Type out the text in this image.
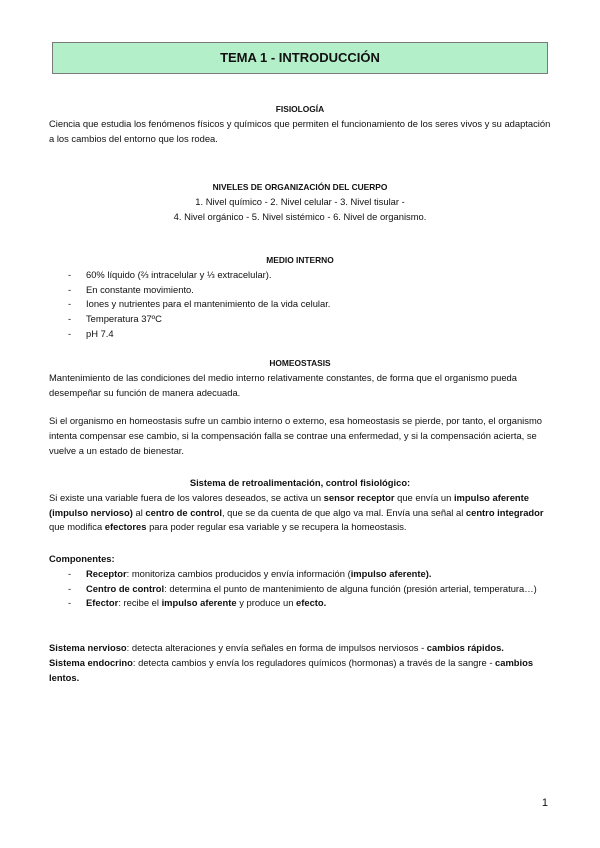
TEMA 1 - INTRODUCCIÓN
FISIOLOGÍA

Ciencia que estudia los fenómenos físicos y químicos que permiten el funcionamiento de los seres vivos y su adaptación a los cambios del entorno que los rodea.

NIVELES DE ORGANIZACIÓN DEL CUERPO
1. Nivel químico - 2. Nivel celular - 3. Nivel tisular -
4. Nivel orgánico - 5. Nivel sistémico - 6. Nivel de organismo.
MEDIO INTERNO
- 60% líquido (⅔ intracelular y ⅓ extracelular).
- En constante movimiento.
- Iones y nutrientes para el mantenimiento de la vida celular.
- Temperatura 37ºC
- pH 7.4
HOMEOSTASIS

Mantenimiento de las condiciones del medio interno relativamente constantes, de forma que el organismo pueda desempeñar su función de manera adecuada.

Si el organismo en homeostasis sufre un cambio interno o externo, esa homeostasis se pierde, por tanto, el organismo intenta compensar ese cambio, si la compensación falla se contrae una enfermedad, y si la compensación acierta, se vuelve a un estado de bienestar.

Sistema de retroalimentación, control fisiológico:

Si existe una variable fuera de los valores deseados, se activa un sensor receptor que envía un impulso aferente (impulso nervioso) al centro de control, que se da cuenta de que algo va mal. Envía una señal al centro integrador que modifica efectores para poder regular esa variable y se recupera la homeostasis.

Componentes:
- Receptor: monitoriza cambios producidos y envía información (impulso aferente).
- Centro de control: determina el punto de mantenimiento de alguna función (presión arterial, temperatura…)
- Efector: recibe el impulso aferente y produce un efecto.

Sistema nervioso: detecta alteraciones y envía señales en forma de impulsos nerviosos - cambios rápidos.

Sistema endocrino: detecta cambios y envía los reguladores químicos (hormonas) a través de la sangre - cambios lentos.

1
